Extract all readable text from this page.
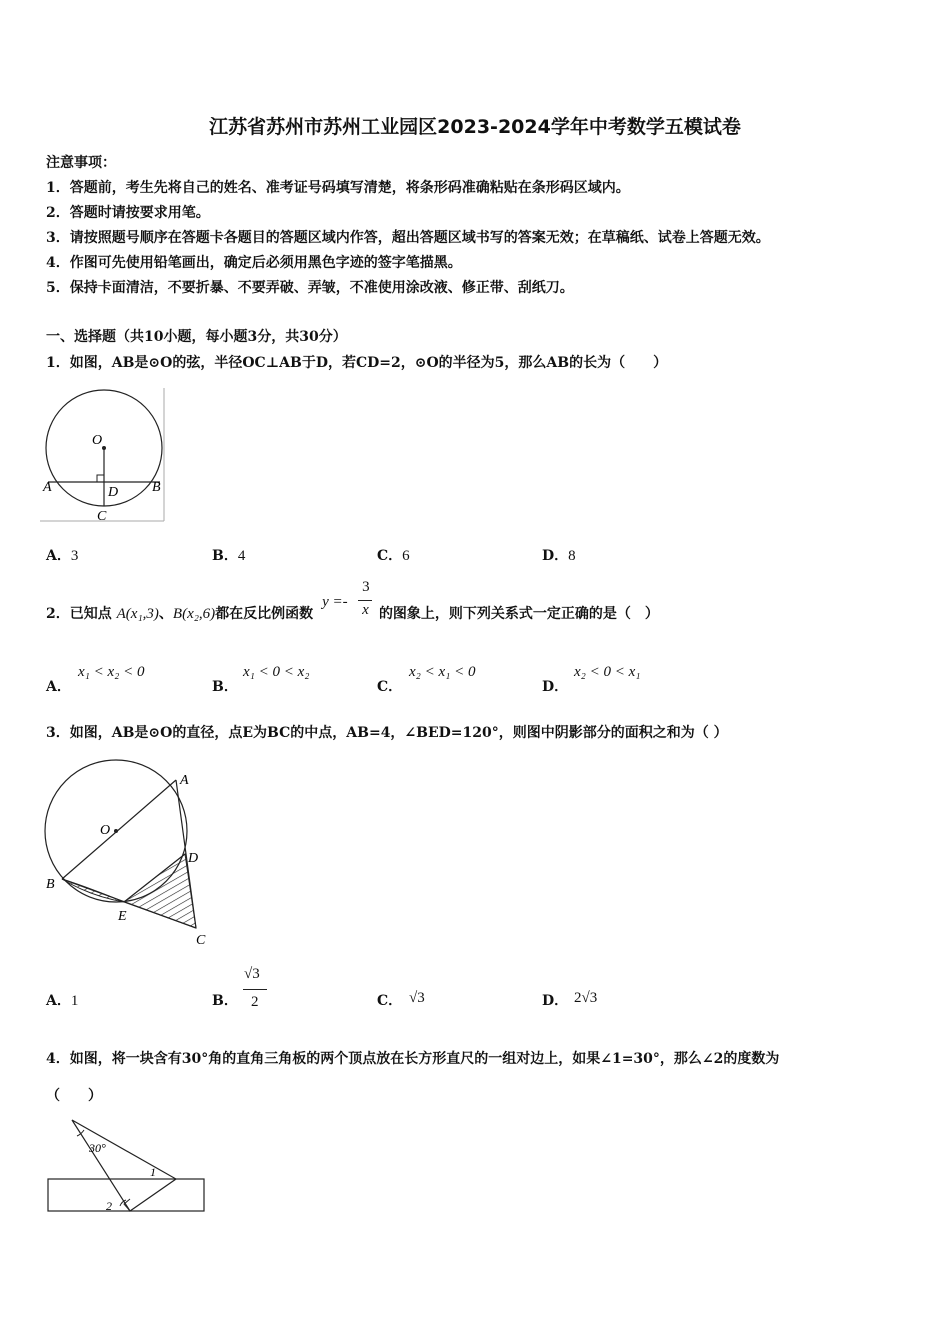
江苏省苏州市苏州工业园区2023-2024学年中考数学五模试卷
注意事项：
1．答题前，考生先将自己的姓名、准考证号码填写清楚，将条形码准确粘贴在条形码区域内。
2．答题时请按要求用笔。
3．请按照题号顺序在答题卡各题目的答题区域内作答，超出答题区域书写的答案无效；在草稿纸、试卷上答题无效。
4．作图可先使用铅笔画出，确定后必须用黑色字迹的签字笔描黑。
5．保持卡面清洁，不要折暴、不要弄破、弄皱，不准使用涂改液、修正带、刮纸刀。
一、选择题（共10小题，每小题3分，共30分）
1．如图，AB是⊙O的弦，半径OC⊥AB于D，若CD=2，⊙O的半径为5，那么AB的长为（　　）
O
A	B
D
C
A．3	B．4	C．6	D．8
2．已知点 A(x₁,3)、B(x₂,6)都在反比例函数
y =-
3
x 的图象上，则下列关系式一定正确的是（　）
A．
x₁ < x₂ < 0
B．
x₁ < 0 < x₂
C．
x₂ < x₁ < 0
D．
x₂ < 0 < x₁
3．如图，AB是⊙O的直径，点E为BC的中点，AB=4，∠BED=120°，则图中阴影部分的面积之和为（ ）
A
O
D
B
E
C
A．1	B．
√3
2	C． √3	D． 2√3
4．如图，将一块含有30°角的直角三角板的两个顶点放在长方形直尺的一组对边上，如果∠1=30°，那么∠2的度数为
（　　）
30°
1
2
